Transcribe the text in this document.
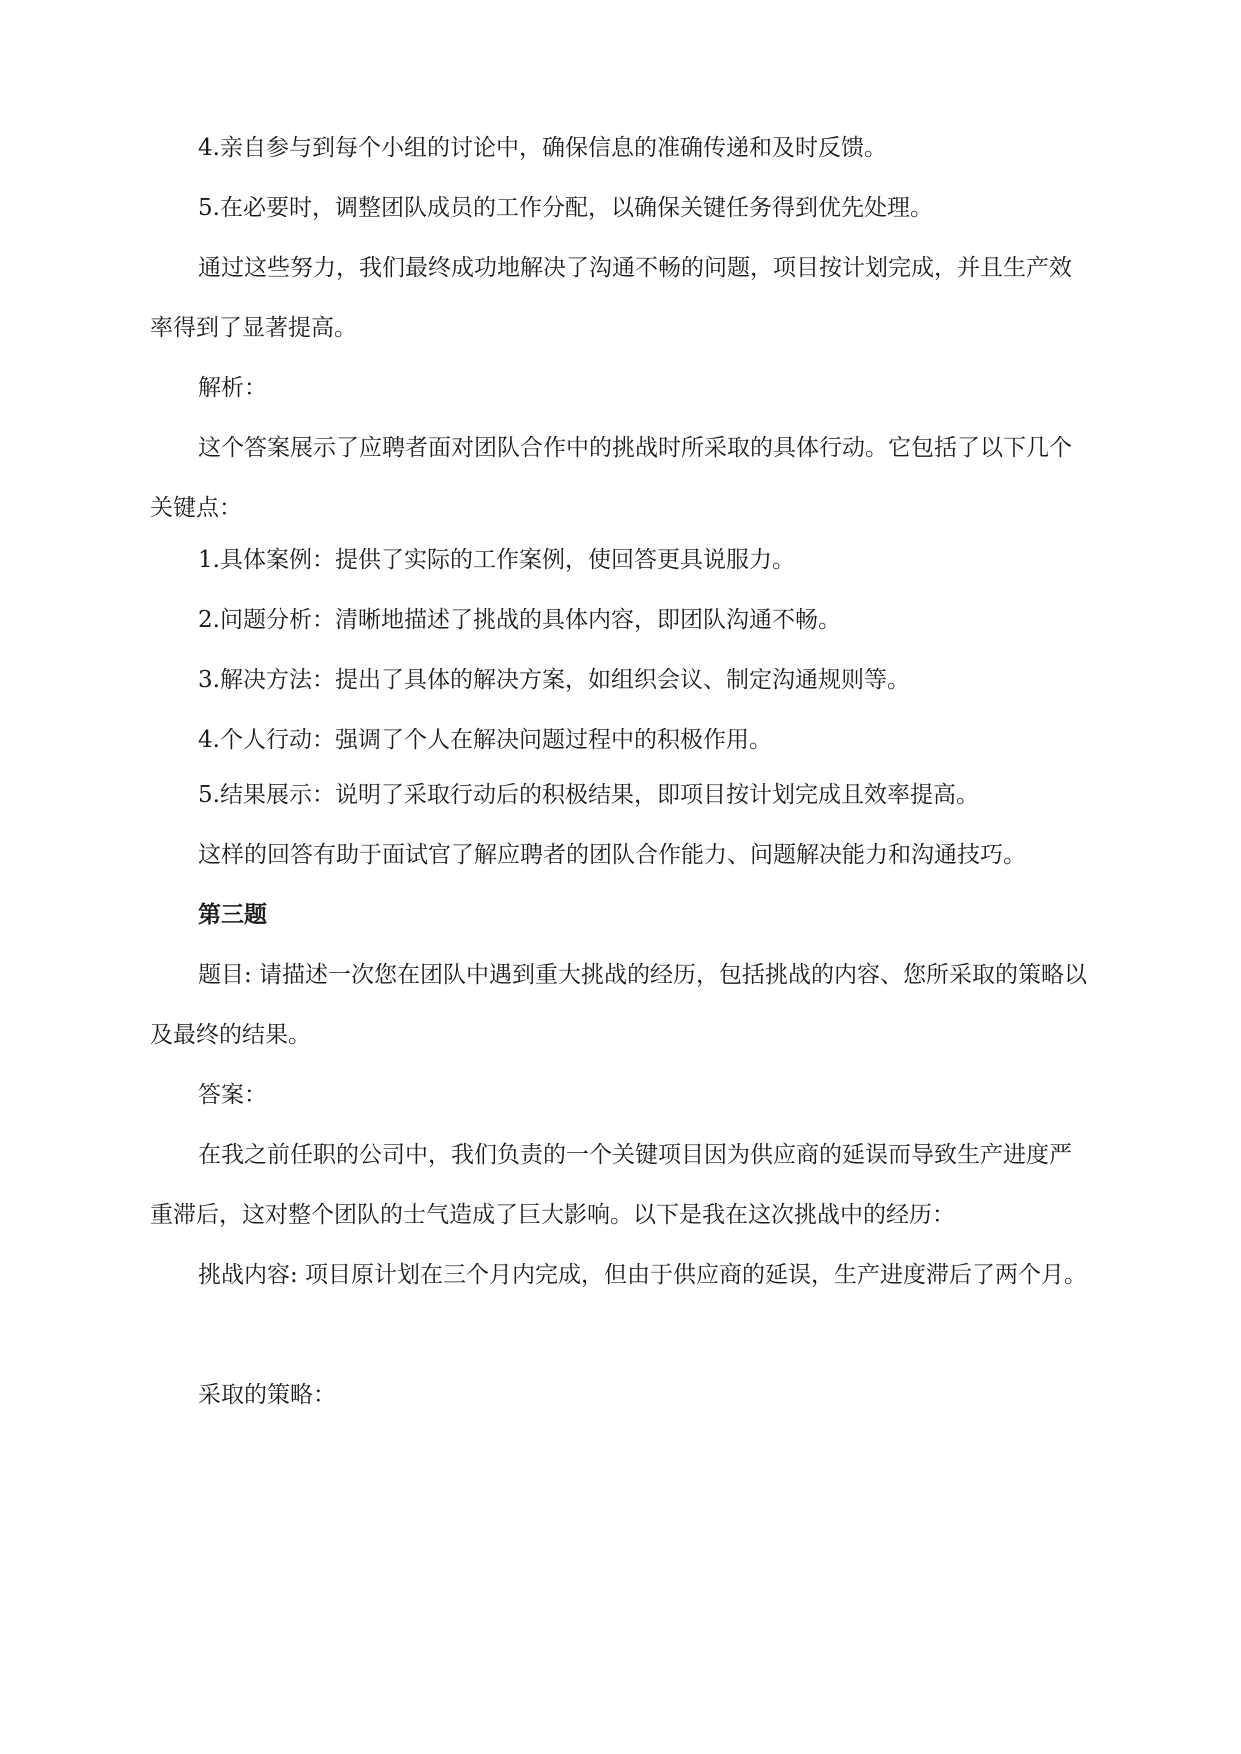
4.亲自参与到每个小组的讨论中，确保信息的准确传递和及时反馈。

5.在必要时，调整团队成员的工作分配，以确保关键任务得到优先处理。

通过这些努力，我们最终成功地解决了沟通不畅的问题，项目按计划完成，并且生产效率得到了显著提高。

解析：

这个答案展示了应聘者面对团队合作中的挑战时所采取的具体行动。它包括了以下几个关键点：

1.具体案例：提供了实际的工作案例，使回答更具说服力。

2.问题分析：清晰地描述了挑战的具体内容，即团队沟通不畅。

3.解决方法：提出了具体的解决方案，如组织会议、制定沟通规则等。

4.个人行动：强调了个人在解决问题过程中的积极作用。

5.结果展示：说明了采取行动后的积极结果，即项目按计划完成且效率提高。

这样的回答有助于面试官了解应聘者的团队合作能力、问题解决能力和沟通技巧。

第三题

题目: 请描述一次您在团队中遇到重大挑战的经历，包括挑战的内容、您所采取的策略以及最终的结果。

答案：

在我之前任职的公司中，我们负责的一个关键项目因为供应商的延误而导致生产进度严重滞后，这对整个团队的士气造成了巨大影响。以下是我在这次挑战中的经历：

挑战内容: 项目原计划在三个月内完成，但由于供应商的延误，生产进度滞后了两个月。

采取的策略：
